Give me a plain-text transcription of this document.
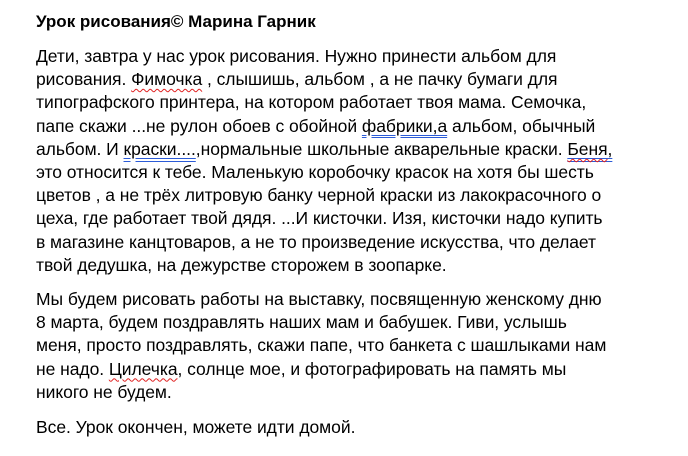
Урок рисования© Марина Гарник
Дети, завтра у нас урок рисования. Нужно принести альбом для
рисования. Фимочка , слышишь, альбом , а не пачку бумаги для
типографского принтера, на котором работает твоя мама. Семочка,
папе скажи ...не рулон обоев с обойной фабрики,а альбом, обычный
альбом. И краски....,нормальные школьные акварельные краски. Беня,
это относится к тебе. Маленькую коробочку красок на хотя бы шесть
цветов , а не трёх литровую банку черной краски из лакокрасочного о
цеха, где работает твой дядя. ...И кисточки. Изя, кисточки надо купить
в магазине канцтоваров, а не то произведение искусства, что делает
твой дедушка, на дежурстве сторожем в зоопарке.
Мы будем рисовать работы на выставку, посвященную женскому дню
8 марта, будем поздравлять наших мам и бабушек. Гиви, услышь
меня, просто поздравлять, скажи папе, что банкета с шашлыками нам
не надо. Цилечка, солнце мое, и фотографировать на память мы
никого не будем.
Все. Урок окончен, можете идти домой.
